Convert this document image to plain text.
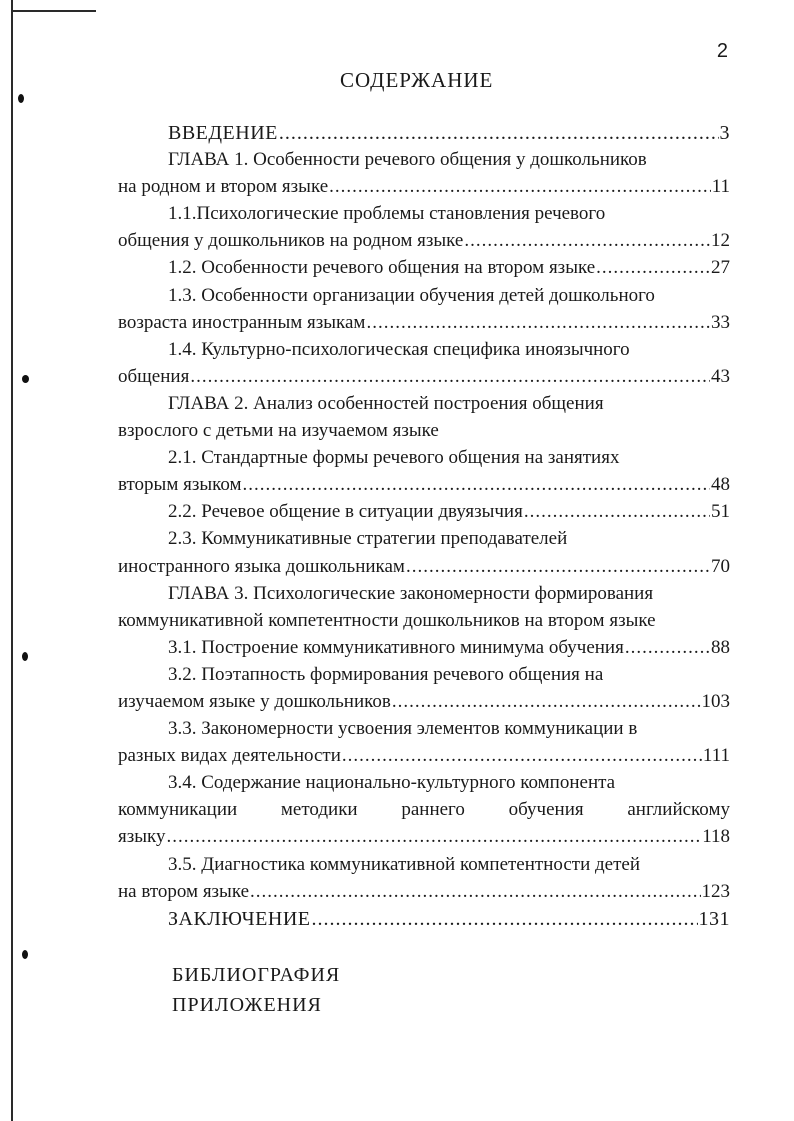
2
СОДЕРЖАНИЕ
ВВЕДЕНИЕ .....	3
ГЛАВА 1. Особенности речевого общения у дошкольников
на родном и втором языке .....	11
1.1.Психологические проблемы становления речевого
общения у дошкольников на родном языке .....	12
1.2. Особенности речевого общения на втором языке .....	27
1.3. Особенности организации обучения детей дошкольного
возраста иностранным языкам .....	33
1.4. Культурно-психологическая специфика иноязычного
общения .....	43
ГЛАВА 2. Анализ особенностей построения общения
взрослого с детьми на изучаемом языке
2.1. Стандартные формы речевого общения на занятиях
вторым языком .....	48
2.2. Речевое общение в ситуации двуязычия .....	51
2.3. Коммуникативные стратегии преподавателей
иностранного языка дошкольникам .....	70
ГЛАВА 3. Психологические закономерности формирования
коммуникативной компетентности дошкольников на втором языке
3.1. Построение коммуникативного минимума обучения .....	88
3.2. Поэтапность формирования речевого общения на
изучаемом языке у дошкольников .....	103
3.3. Закономерности усвоения элементов коммуникации в
разных видах деятельности .....	111
3.4. Содержание национально-культурного компонента
коммуникации методики раннего обучения английскому
языку .....	118
3.5. Диагностика коммуникативной компетентности детей
на втором языке .....	123
ЗАКЛЮЧЕНИЕ .....	131
БИБЛИОГРАФИЯ
ПРИЛОЖЕНИЯ
